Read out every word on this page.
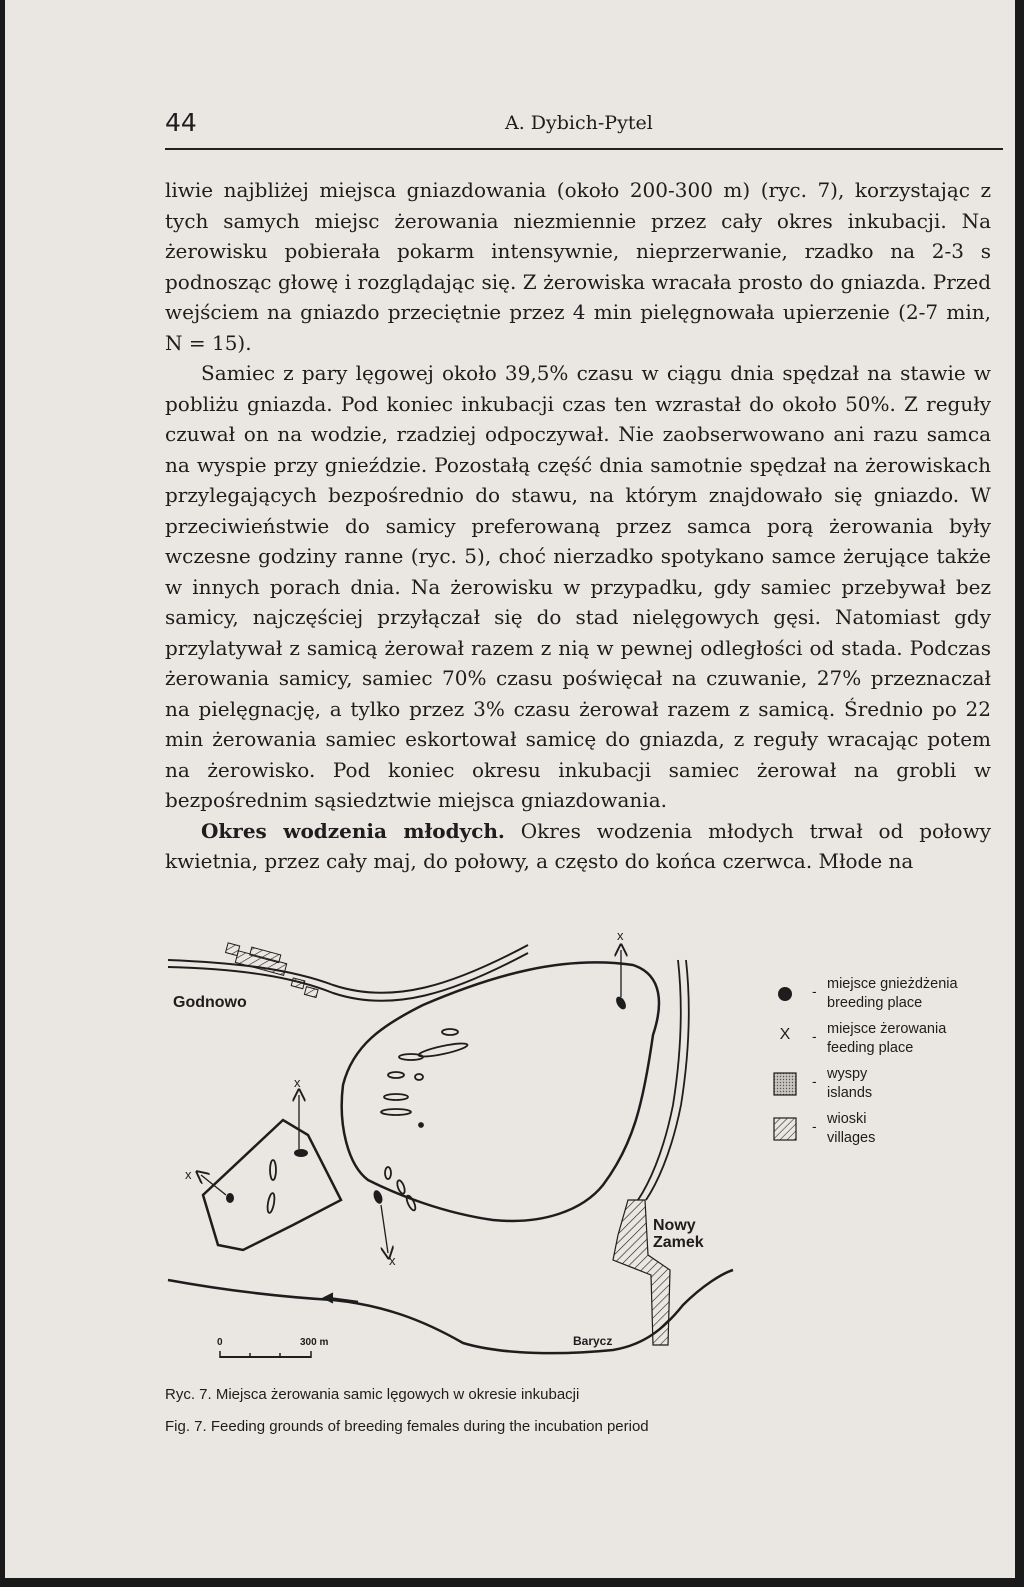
44	A. Dybich-Pytel

liwie najbliżej miejsca gniazdowania (około 200-300 m) (ryc. 7), korzystając z tych samych miejsc żerowania niezmiennie przez cały okres inkubacji. Na żerowisku pobierała pokarm intensywnie, nieprzerwanie, rzadko na 2-3 s podnosząc głowę i rozglądając się. Z żerowiska wracała prosto do gniazda. Przed wejściem na gniazdo przeciętnie przez 4 min pielęgnowała upierzenie (2-7 min, N = 15).

Samiec z pary lęgowej około 39,5% czasu w ciągu dnia spędzał na stawie w pobliżu gniazda. Pod koniec inkubacji czas ten wzrastał do około 50%. Z reguły czuwał on na wodzie, rzadziej odpoczywał. Nie zaobserwowano ani razu samca na wyspie przy gnieździe. Pozostałą część dnia samotnie spędzał na żerowiskach przylegających bezpośrednio do stawu, na którym znajdowało się gniazdo. W przeciwieństwie do samicy preferowaną przez samca porą żerowania były wczesne godziny ranne (ryc. 5), choć nierzadko spotykano samce żerujące także w innych porach dnia. Na żerowisku w przypadku, gdy samiec przebywał bez samicy, najczęściej przyłączał się do stad nielęgowych gęsi. Natomiast gdy przylatywał z samicą żerował razem z nią w pewnej odległości od stada. Podczas żerowania samicy, samiec 70% czasu poświęcał na czuwanie, 27% przeznaczał na pielęgnację, a tylko przez 3% czasu żerował razem z samicą. Średnio po 22 min żerowania samiec eskortował samicę do gniazda, z reguły wracając potem na żerowisko. Pod koniec okresu inkubacji samiec żerował na grobli w bezpośrednim sąsiedztwie miejsca gniazdowania.

Okres wodzenia młodych. Okres wodzenia młodych trwał od połowy kwietnia, przez cały maj, do połowy, a często do końca czerwca. Młode na

Godnowo
Nowy
Zamek
Barycz
x
x
x
x
0	300 m
- miejsce gnieżdżenia
breeding place
X	- miejsce żerowania
feeding place
- wyspy
islands
- wioski
villages
Ryc. 7. Miejsca żerowania samic lęgowych w okresie inkubacji
Fig. 7. Feeding grounds of breeding females during the incubation period
